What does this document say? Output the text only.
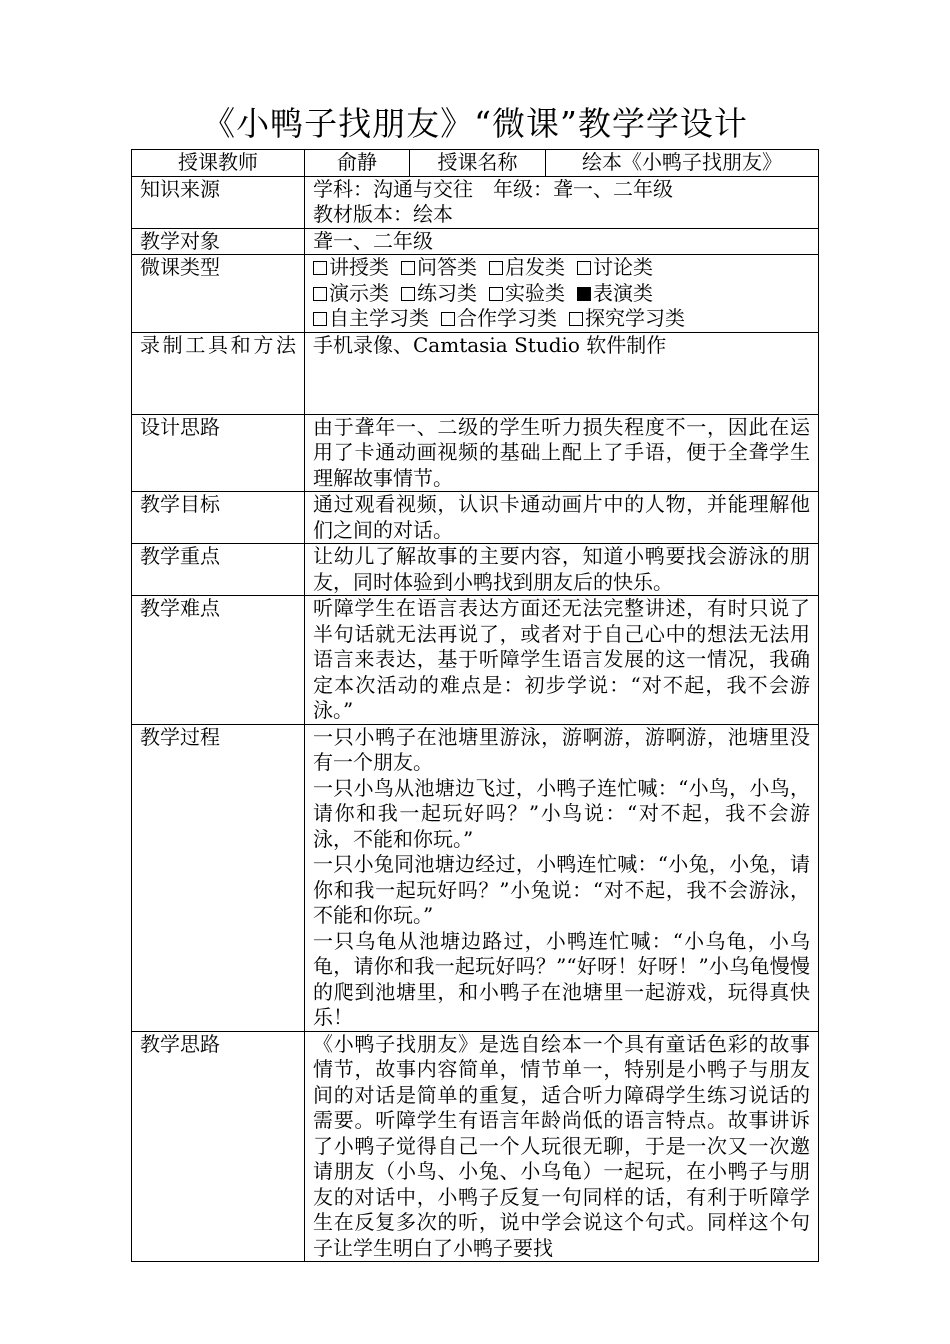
《小鸭子找朋友》“微课”教学学设计
授课教师	俞静	授课名称	绘本《小鸭子找朋友》
知识来源	学科：沟通与交往　年级：聋一、二年级
教材版本：绘本		

教学对象	聋一、二年级		
微课类型	讲授类 问答类 启发类 讨论类
演示类 练习类 实验类 表演类
自主学习类 合作学习类 探究学习类		

录制工具和方法	手机录像、Camtasia Studio 软件制作		
设计思路	由于聋年一、二级的学生听力损失程度不一，因此在运用了卡通动画视频的基础上配上了手语，便于全聋学生理解故事情节。		
教学目标	通过观看视频，认识卡通动画片中的人物，并能理解他们之间的对话。		
教学重点	让幼儿了解故事的主要内容，知道小鸭要找会游泳的朋友，同时体验到小鸭找到朋友后的快乐。		
教学难点	听障学生在语言表达方面还无法完整讲述，有时只说了半句话就无法再说了，或者对于自己心中的想法无法用语言来表达，基于听障学生语言发展的这一情况，我确定本次活动的难点是：初步学说：“对不起，我不会游泳。”		
教学过程	一只小鸭子在池塘里游泳，游啊游，游啊游，池塘里没有一个朋友。
一只小鸟从池塘边飞过，小鸭子连忙喊：“小鸟，小鸟，请你和我一起玩好吗？”小鸟说：“对不起，我不会游泳，不能和你玩。”
一只小兔同池塘边经过，小鸭连忙喊：“小兔，小兔，请你和我一起玩好吗？”小兔说：“对不起，我不会游泳，不能和你玩。”
一只乌龟从池塘边路过，小鸭连忙喊：“小乌龟，小乌龟，请你和我一起玩好吗？”“好呀！好呀！”小乌龟慢慢的爬到池塘里，和小鸭子在池塘里一起游戏，玩得真快乐！		

教学思路	《小鸭子找朋友》是选自绘本一个具有童话色彩的故事情节，故事内容简单，情节单一，特别是小鸭子与朋友间的对话是简单的重复，适合听力障碍学生练习说话的需要。听障学生有语言年龄尚低的语言特点。故事讲诉了小鸭子觉得自己一个人玩很无聊，于是一次又一次邀请朋友（小鸟、小兔、小乌龟）一起玩，在小鸭子与朋友的对话中，小鸭子反复一句同样的话，有利于听障学生在反复多次的听，说中学会说这个句式。同样这个句子让学生明白了小鸭子要找		
